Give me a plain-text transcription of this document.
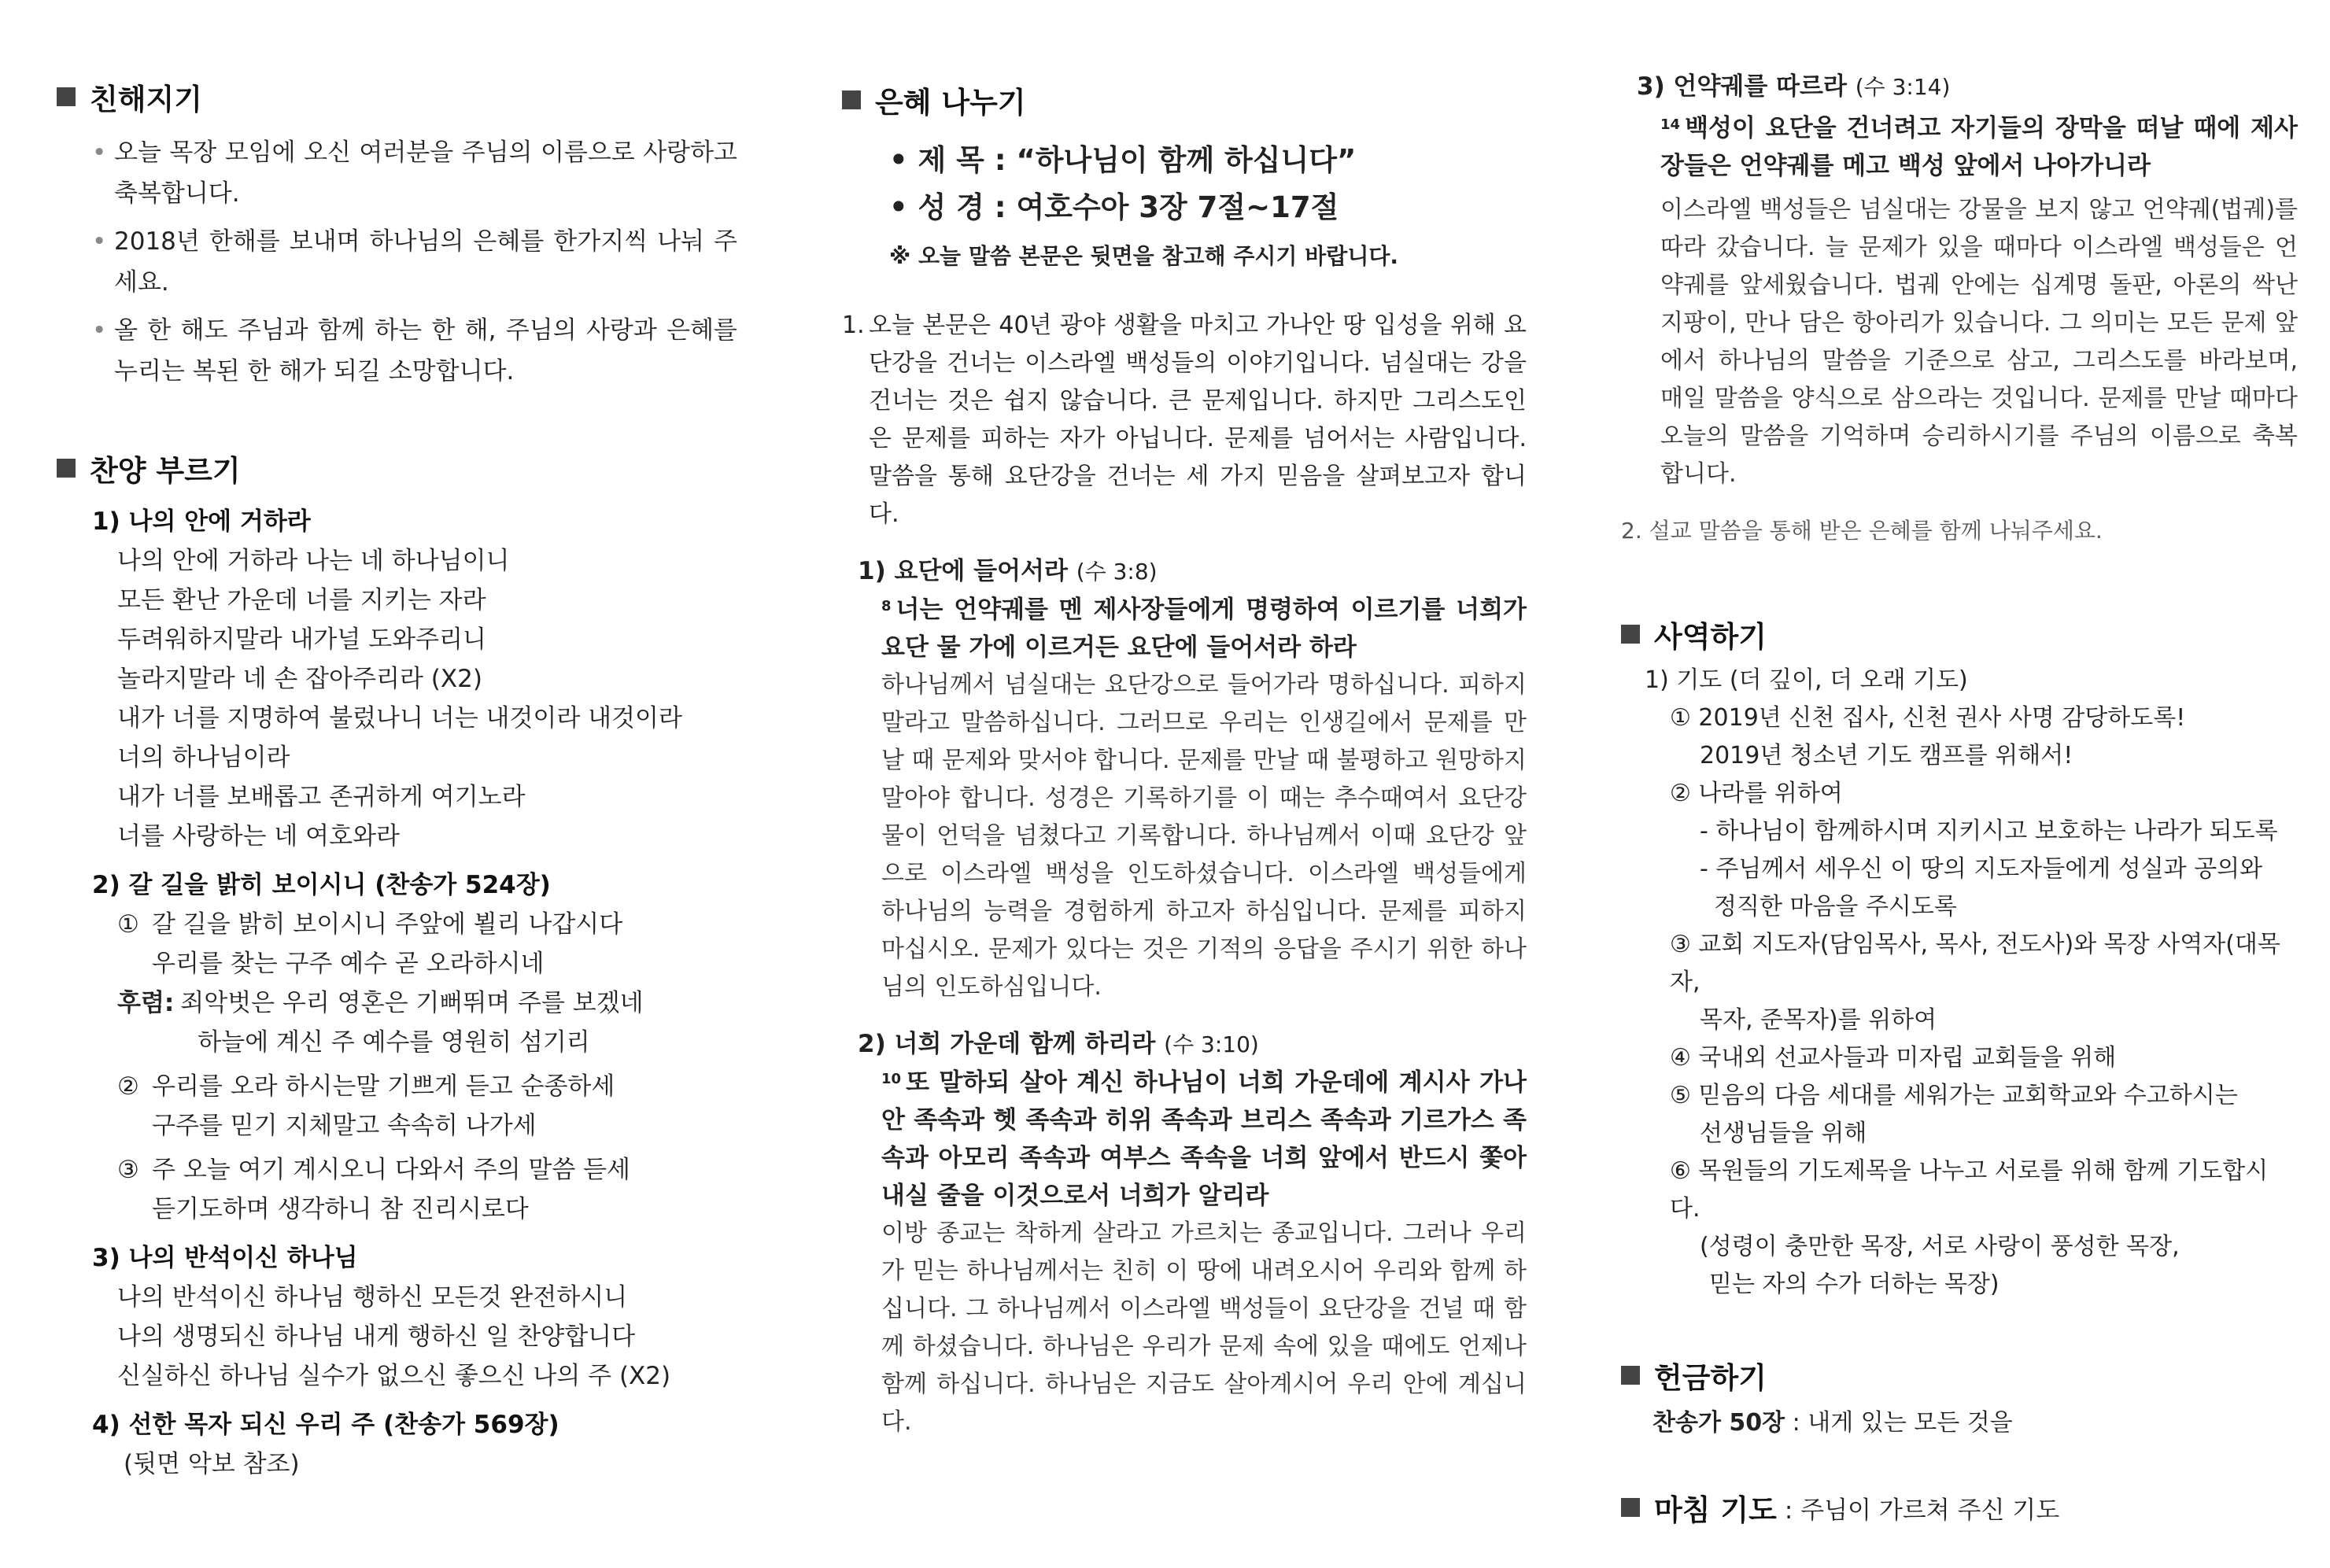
친해지기
• 오늘 목장 모임에 오신 여러분을 주님의 이름으로 사랑하고 축복합니다.
• 2018년 한해를 보내며 하나님의 은혜를 한가지씩 나눠 주세요.
• 올 한 해도 주님과 함께 하는 한 해, 주님의 사랑과 은혜를 누리는 복된 한 해가 되길 소망합니다.
찬양 부르기
1) 나의 안에 거하라
나의 안에 거하라 나는 네 하나님이니
모든 환난 가운데 너를 지키는 자라
두려워하지말라 내가널 도와주리니
놀라지말라 네 손 잡아주리라 (X2)
내가 너를 지명하여 불렀나니 너는 내것이라 내것이라
너의 하나님이라
내가 너를 보배롭고 존귀하게 여기노라
너를 사랑하는 네 여호와라
2) 갈 길을 밝히 보이시니 (찬송가 524장)
① 갈 길을 밝히 보이시니 주앞에 뵐리 나갑시다
우리를 찾는 구주 예수 곧 오라하시네
후렴: 죄악벗은 우리 영혼은 기뻐뛰며 주를 보겠네
하늘에 계신 주 예수를 영원히 섬기리
② 우리를 오라 하시는말 기쁘게 듣고 순종하세
구주를 믿기 지체말고 속속히 나가세
③ 주 오늘 여기 계시오니 다와서 주의 말씀 듣세
듣기도하며 생각하니 참 진리시로다
3) 나의 반석이신 하나님
나의 반석이신 하나님 행하신 모든것 완전하시니
나의 생명되신 하나님 내게 행하신 일 찬양합니다
신실하신 하나님 실수가 없으신 좋으신 나의 주 (X2)
4) 선한 목자 되신 우리 주 (찬송가 569장)
(뒷면 악보 참조)
은혜 나누기
• 제 목 : “하나님이 함께 하십니다”
• 성 경 : 여호수아 3장 7절~17절
※ 오늘 말씀 본문은 뒷면을 참고해 주시기 바랍니다.
1. 오늘 본문은 40년 광야 생활을 마치고 가나안 땅 입성을 위해 요단강을 건너는 이스라엘 백성들의 이야기입니다. 넘실대는 강을 건너는 것은 쉽지 않습니다. 큰 문제입니다. 하지만 그리스도인은 문제를 피하는 자가 아닙니다. 문제를 넘어서는 사람입니다. 말씀을 통해 요단강을 건너는 세 가지 믿음을 살펴보고자 합니다.
1) 요단에 들어서라 (수 3:8)
$^8$ 너는 언약궤를 멘 제사장들에게 명령하여 이르기를 너희가 요단 물 가에 이르거든 요단에 들어서라 하라
하나님께서 넘실대는 요단강으로 들어가라 명하십니다. 피하지 말라고 말씀하십니다. 그러므로 우리는 인생길에서 문제를 만날 때 문제와 맞서야 합니다. 문제를 만날 때 불평하고 원망하지 말아야 합니다. 성경은 기록하기를 이 때는 추수때여서 요단강물이 언덕을 넘쳤다고 기록합니다. 하나님께서 이때 요단강 앞으로 이스라엘 백성을 인도하셨습니다. 이스라엘 백성들에게 하나님의 능력을 경험하게 하고자 하심입니다. 문제를 피하지 마십시오. 문제가 있다는 것은 기적의 응답을 주시기 위한 하나님의 인도하심입니다.
2) 너희 가운데 함께 하리라 (수 3:10)
$^{10}$ 또 말하되 살아 계신 하나님이 너희 가운데에 계시사 가나안 족속과 헷 족속과 히위 족속과 브리스 족속과 기르가스 족속과 아모리 족속과 여부스 족속을 너희 앞에서 반드시 쫓아내실 줄을 이것으로서 너희가 알리라
이방 종교는 착하게 살라고 가르치는 종교입니다. 그러나 우리가 믿는 하나님께서는 친히 이 땅에 내려오시어 우리와 함께 하십니다. 그 하나님께서 이스라엘 백성들이 요단강을 건널 때 함께 하셨습니다. 하나님은 우리가 문제 속에 있을 때에도 언제나 함께 하십니다. 하나님은 지금도 살아계시어 우리 안에 계십니다.
3) 언약궤를 따르라 (수 3:14)
$^{14}$ 백성이 요단을 건너려고 자기들의 장막을 떠날 때에 제사장들은 언약궤를 메고 백성 앞에서 나아가니라
이스라엘 백성들은 넘실대는 강물을 보지 않고 언약궤(법궤)를 따라 갔습니다. 늘 문제가 있을 때마다 이스라엘 백성들은 언약궤를 앞세웠습니다. 법궤 안에는 십계명 돌판, 아론의 싹난 지팡이, 만나 담은 항아리가 있습니다. 그 의미는 모든 문제 앞에서 하나님의 말씀을 기준으로 삼고, 그리스도를 바라보며, 매일 말씀을 양식으로 삼으라는 것입니다. 문제를 만날 때마다 오늘의 말씀을 기억하며 승리하시기를 주님의 이름으로 축복합니다.
2. 설교 말씀을 통해 받은 은혜를 함께 나눠주세요.
사역하기
1) 기도 (더 깊이, 더 오래 기도)
① 2019년 신천 집사, 신천 권사 사명 감당하도록!
2019년 청소년 기도 캠프를 위해서!
② 나라를 위하여
- 하나님이 함께하시며 지키시고 보호하는 나라가 되도록
- 주님께서 세우신 이 땅의 지도자들에게 성실과 공의와
정직한 마음을 주시도록
③ 교회 지도자(담임목사, 목사, 전도사)와 목장 사역자(대목자,
목자, 준목자)를 위하여
④ 국내외 선교사들과 미자립 교회들을 위해
⑤ 믿음의 다음 세대를 세워가는 교회학교와 수고하시는
선생님들을 위해
⑥ 목원들의 기도제목을 나누고 서로를 위해 함께 기도합시다.
(성령이 충만한 목장, 서로 사랑이 풍성한 목장,
믿는 자의 수가 더하는 목장)
헌금하기
찬송가 50장 : 내게 있는 모든 것을
마침 기도 : 주님이 가르쳐 주신 기도
